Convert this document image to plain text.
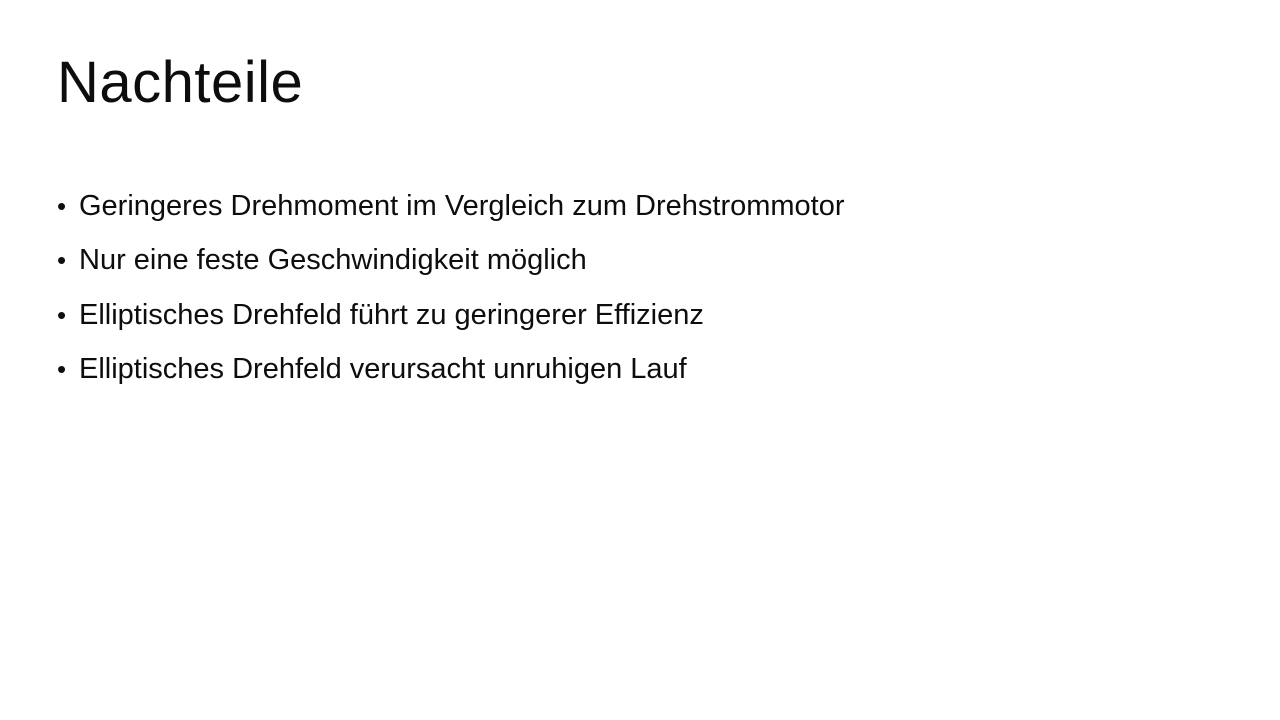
Nachteile
• Geringeres Drehmoment im Vergleich zum Drehstrommotor
• Nur eine feste Geschwindigkeit möglich
• Elliptisches Drehfeld führt zu geringerer Effizienz
• Elliptisches Drehfeld verursacht unruhigen Lauf
